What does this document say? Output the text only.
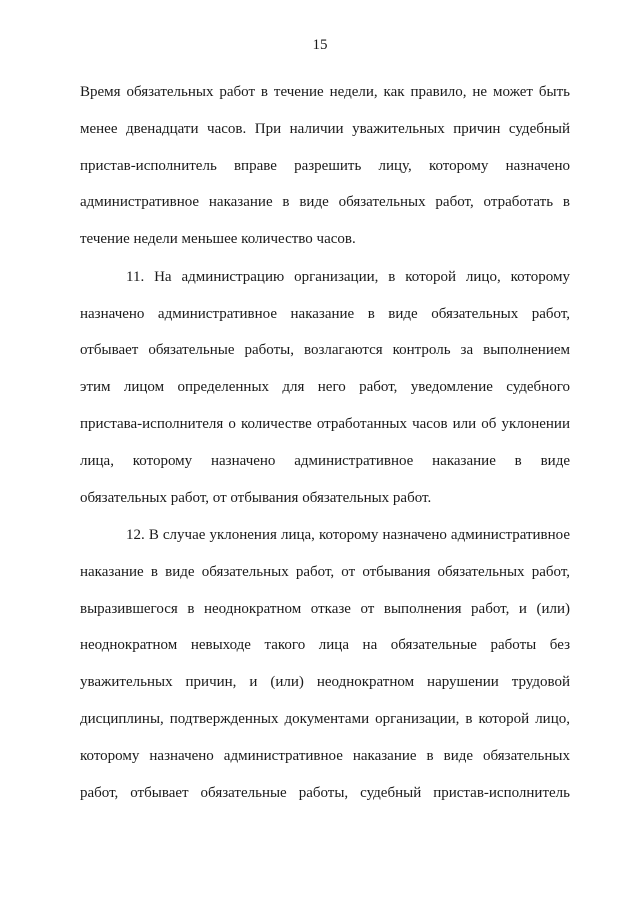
15
Время обязательных работ в течение недели, как правило, не может быть
менее двенадцати часов. При наличии уважительных причин судебный
пристав-исполнитель вправе разрешить лицу, которому назначено
административное наказание в виде обязательных работ, отработать в
течение недели меньшее количество часов.
11. На администрацию организации, в которой лицо, которому
назначено административное наказание в виде обязательных работ,
отбывает обязательные работы, возлагаются контроль за выполнением
этим лицом определенных для него работ, уведомление судебного
пристава-исполнителя о количестве отработанных часов или об уклонении
лица, которому назначено административное наказание в виде
обязательных работ, от отбывания обязательных работ.
12. В случае уклонения лица, которому назначено административное
наказание в виде обязательных работ, от отбывания обязательных работ,
выразившегося в неоднократном отказе от выполнения работ, и (или)
неоднократном невыходе такого лица на обязательные работы без
уважительных причин, и (или) неоднократном нарушении трудовой
дисциплины, подтвержденных документами организации, в которой лицо,
которому назначено административное наказание в виде обязательных
работ, отбывает обязательные работы, судебный пристав-исполнитель
